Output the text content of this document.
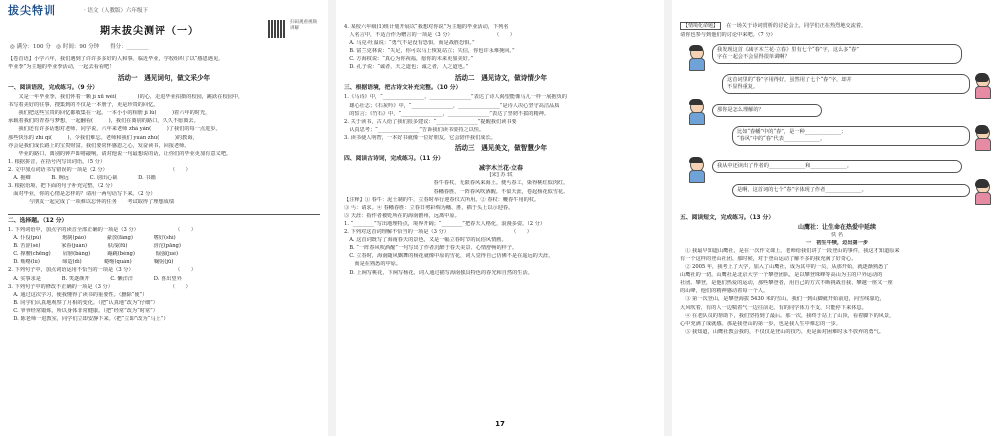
拔尖特训	· 语文（人教版）六年级下
扫码观看视频讲解
期末拔尖测评（一）
◎ 满分：100 分　◎ 时间：90 分钟　　得分：________
【卷首语】小学六年，我们遇到了许许多多好的人和事。临近毕业，学校组织了以“感恩遇见，
毕业季”为主题的毕业季活动，一起去看看吧！
活动一　遇见词句，做文采少年
一、阅读语段，完成练习。（9 分）
　　又是一年毕业季，我们怀着一颗 jì xū wéi(　　　　)的心，走进毕业拍摄的校园，跳跃在校园中，
书写着美好的往事，搜集到的不仅是一本册子，更是珍贵的回忆。
　　我们把这些宝贵的回忆都收集在一起。一本小小的相册 jì lù(　　　)着六年的时光，
承载着我们的青春与梦想，一起翻看(　　　)，我们在离别的路口，久久不愿离去。
　　我们还有许多话想对老师、同学说，六年来老师 zhà yǎn(　　　)了我们的每一点进步。
那些快乐的 zhì qì(　　　)，令我们难忘。老师和我们 yuán zhù(　　　)的教诲，
亦会是我们成长路上的宝贵财富。我们要常怀感恩之心，发奋读书，回报老师。
　　毕业的路口，离别的钟声即将敲响，请对他说一句最想说的话，让你们的毕业更加有意义吧。
1. 根据拼音，在括号内写出词语。（5 分）
2. 文中加点词语书写错误的一项是（2 分）　　　　　　　　　　　　　（　　）
　A. 拖卿　　　　B. 婉远　　　　C. 别出心裁　　　　D. 书籍
3. 根据语境，把下面的句子补充完整。（2 分）
　面对毕业，你的心情是怎样的？请用一两句话写下来。（2 分）
　　　　与朋友一起完成了一项难以忘怀的任务　　考试取得了理想成绩
二、选择题。（12 分）
1. 下列词语中，加点字的读音全部正确的一项是（3 分）　　　　　　　　（　　）
　A. 仆役(pú)　　　　炮制(páo)　　　　豪放(fàng)　　　　嗜好(shì)
　B. 苦涩(sè)　　　　家眷(juàn)　　　　肤浅(fū)　　　　　滂沱(pāng)
　C. 撑腰(chēng)　　 肩膀(bǎng)　　　 蹦跳(bèng)　　　　倔强(jué)
　D. 贿赂(lù)　　　　 缔造(dì)　　　　 蜷缩(quán)　　　　 鞠躬(jū)
2. 下列句子中，加点词语运用不恰当的一项是（3 分）　　　　　　　　　（　　）
　A. 实事求是　　　　B. 笑逐颜开　　　　C. 懒洋洋　　　　D. 喜出望外
3. 下列句子中的修改不正确的一项是（3 分）　　　　　　　　　　　　（　　）
　A. 通过这次学习，使我懂得了读书的重要性。（删除“使”）
　B. 同学们认真地观察了月相的变化。（把“认真地”改为“仔细”）
　C. 爷爷经常锻炼，所以身体非常健康。（把“经常”改为“时常”）
　D. 陈老师一进教室，同学们立即安静下来。（把“立即”改为“马上”）
4. 某校六年级(1)班计划开展以“我想对你说”为主题的毕业活动，下列名
　人名言中，不适合作为赠言的一项是（3 分）　　　　　　　　　（　　）
　A. 马克·吐温说：“勇气不是没有恐惧，而是战胜恐惧。”
　B. 富兰克林说：“失足，你可以马上恢复站立；失信，你也许永难挽回。”
　C. 方海权说：“真心为你祝福，愿你的未来更加美好。”
　D. 孔子说：“诚者，天之道也；诚之者，人之道也。”
活动二　遇见诗文，做诗情少年
三、根据语境，把古诗文补充完整。（10 分）
1.《马诗》中，“________________，________________”表达了诗人渴望能像马儿一样一展抱负的
　雄心壮志；《石灰吟》中，“________________，________________”是诗人决心坚守高洁品质
　的誓言；《竹石》中，“________________，________________”表达了坚韧不拔的精神。
2. 关于读书，古人给了我们很多建议：“________________”提醒我们读书要
　认真思考；“________________”告诉我们读书要持之以恒。
3. 读书使人明智，一本好书就像一位好朋友，它会陪伴我们成长。
活动三　遇见美文，做智慧少年
四、阅读古诗词，完成练习。（11 分）
减字木兰花·立春
[宋] 苏 轼
春牛春杖，无限春风来海上。便丐春工，染得桃红似肉红。
春幡春胜，一阵春风吹酒醒。不似天涯，卷起杨花似雪花。
【注释】① 春牛：泥土制的牛，立春时举行迎春仪式所用。② 春杖：鞭春牛用的杖。
③ 丐：请求。④ 春幡春胜：立春日剪彩绸为幡、胜，插于头上以示迎春。
⑤ 天涯：指作者被贬所在的海南儋州，远离中原。
1. “________”写出地理特点，境界开阔；“________”把春天人格化，浪漫多姿。（2 分）
2. 下列对这首词理解不恰当的一项是（3 分）　　　　　　　　　　　　　（　　）
　A. 这首词既写了海南春天的景色，又是一幅立春时节的民俗风情画。
　B. “一阵春风吹酒醒”一句写出了作者沉醉于春天美景、心情舒畅的样子。
　C. 立春时，海南随风飘舞的杨花就像中原的雪花，词人觉得自己仿佛不是在遥远的天涯，
　　而是在熟悉的中原。
　D. 上阕写桃花，下阕写杨花，词人通过描写海南独具特色的春光和自然的生活。
【情境化命题】　在一场关于诗词赏析的讨论会上，同学们正在热烈地交流着，
请你也参与到他们的讨论中来吧。（7 分）
我发现这首《减字木兰花·立春》里有七个“春”字，这么多“春”
字在一起会不会显得很单调啊？
这首词里的“春”字用得好，虽然用了七个“春”字，却并
不显得重复。
那你是怎么理解的？
比如“春幡”中的“春”，是一种______________；
“春风”中的“春”代表______________。
我从中还读出了作者的______________和______________。
是啊，这首词的七个“春”字体现了作者______________。
五、阅读短文，完成练习。（13 分）
山鹰社：让生命在热爱中延续
佚 名
一　初生牛犊，迈出第一步
　① 我最早知道山鹰社，是在一次作文课上，老师给我们讲了一段登山的事件，我这才知道原来
有一个这样的登山社团。那时候，对于登山运动了解不多的我充满了好奇心。
　② 2005 年，我考上了大学，加入了山鹰社，成为其中的一员，从那开始，就逐渐熟悉了
山鹰社的一切。山鹰社是北京大学一个攀登团队，是以攀登珠峰等高山为主的户外运动的
社团。攀登，是他们热爱的运动，那些攀登者，用自己的方式不断挑战自我，攀越一座又一座
的山峰，他们的精神感动着每一个人。
　③ 第一次登山，是攀登海拔 5430 米的雪山。我们一到山脚就开始前进，向雪线靠近，
大风吹着，有的人一边喘着气一边往前走。有的同学体力不支，只能停下来休息。
　④ 在老队员的帮助下，我们坚持到了最后。那一次，我终于站上了山顶，看着脚下的风景，
心中充满了成就感。那是我登山的第一步，也是我人生中难忘的一步。
　⑤ 我知道，山鹰社教会我的，不仅仅是登山的技巧，更是面对困难时永不放弃的勇气。
17
